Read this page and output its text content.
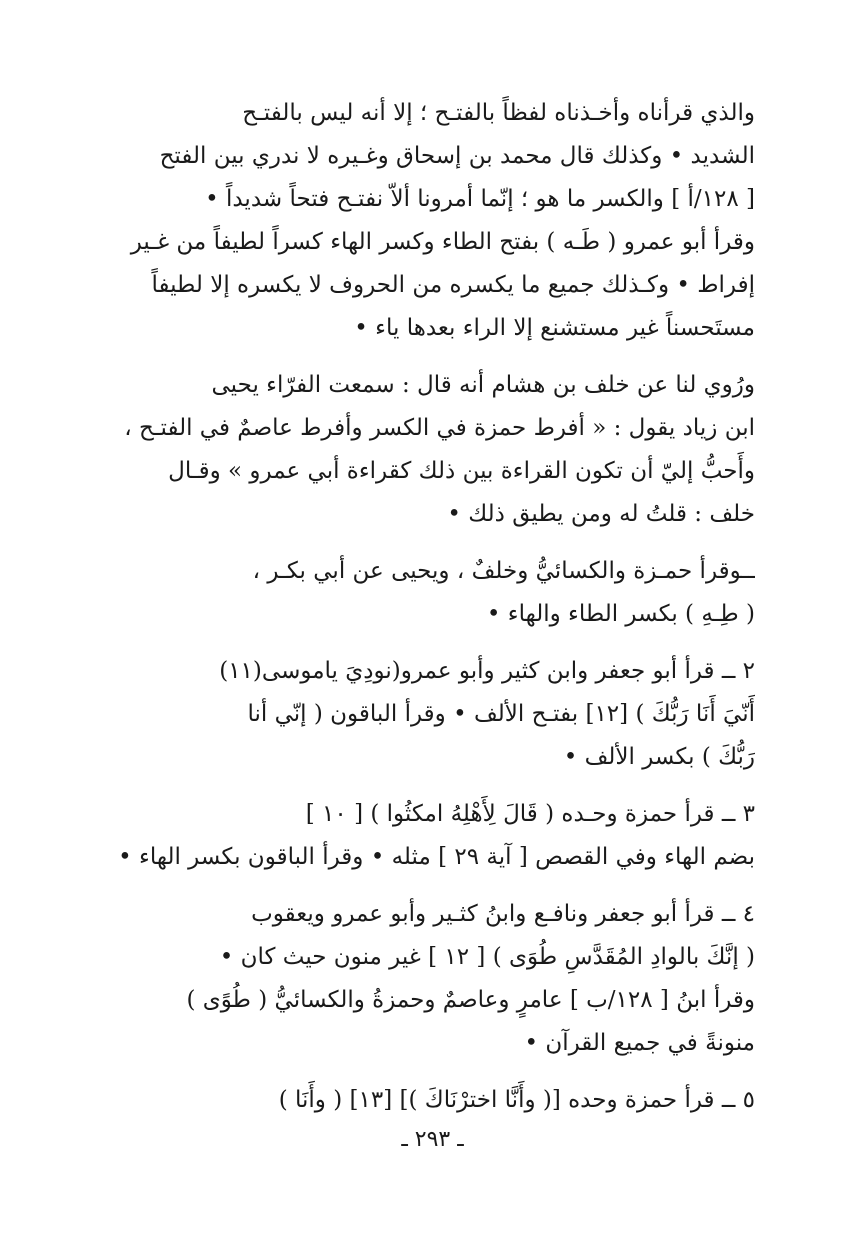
والذي قرأناه وأخـذناه لفظاً بالفتـح ؛ إلا أنه ليس بالفتـح
الشديد • وكذلك قال محمد بن إسحاق وغـيره لا ندري بين الفتح
[ ١٢٨/أ ] والكسر ما هو ؛ إنّما أمرونا ألاّ نفتـح فتحاً شديداً •
وقرأ أبو عمرو ( طَـه ) بفتح الطاء وكسر الهاء كسراً لطيفاً من غـير
إفراط • وكـذلك جميع ما يكسره من الحروف لا يكسره إلا لطيفاً
مستَحسناً غير مستشنع إلا الراء بعدها ياء •

ورُوي لنا عن خلف بن هشام أنه قال : سمعت الفرّاء يحيى
ابن زياد يقول : « أفرط حمزة في الكسر وأفرط عاصمٌ في الفتـح ،
وأَحبُّ إليّ أن تكون القراءة بين ذلك كقراءة أبي عمرو » وقـال
خلف : قلتُ له ومن يطيق ذلك •

ــوقرأ حمـزة والكسائيُّ وخلفٌ ، ويحيى عن أبي بكـر ،
( طِـهِ ) بكسر الطاء والهاء •

٢ ــ قرأ أبو جعفر وابن كثير وأبو عمرو(نودِيَ ياموسى(١١)
أَنّيَ أَنَا رَبُّكَ ) [١٢] بفتـح الألف • وقرأ الباقون ( إنّي أنا
رَبُّكَ ) بكسر الألف •

٣ ــ قرأ حمزة وحـده ( قَالَ لِأَهْلِهُ امكثُوا ) [ ١٠ ]
بضم الهاء وفي القصص [ آية ٢٩ ] مثله • وقرأ الباقون بكسر الهاء •

٤ ــ قرأ أبو جعفر ونافـع وابنُ كثـير وأبو عمرو ويعقوب
( إنَّكَ بالوادِ المُقَدَّسِ طُوَى ) [ ١٢ ] غير منون حيث كان •
وقرأ ابنُ [ ١٢٨/ب ] عامرٍ وعاصمٌ وحمزةُ والكسائيُّ ( طُوًى )
منونةً في جميع القرآن •

٥ ــ قرأ حمزة وحده [( وأَنَّا اخترْنَاكَ )] [١٣] ( وأَنَا )

ـ ٢٩٣ ـ
